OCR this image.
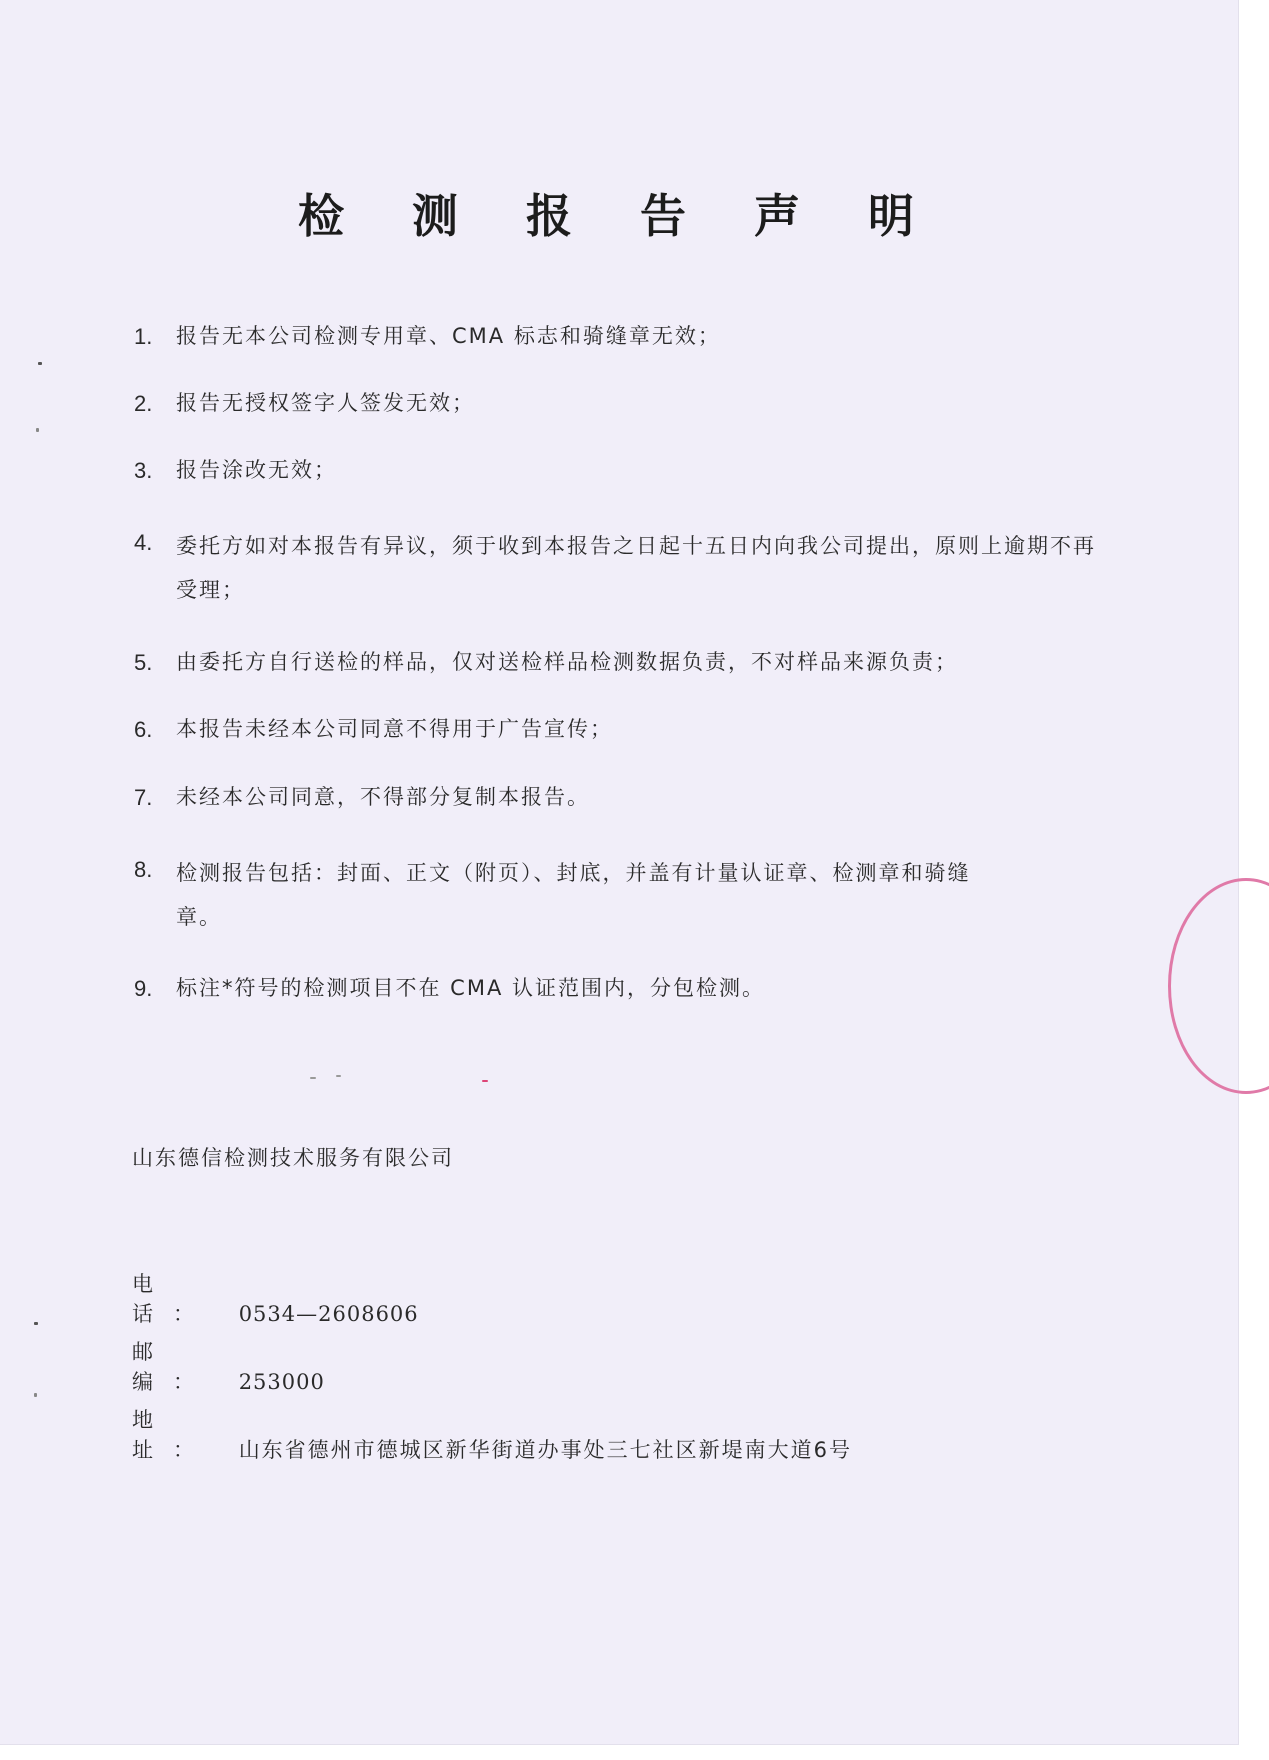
检 测 报 告 声 明
1.	报告无本公司检测专用章、CMA 标志和骑缝章无效；
2.	报告无授权签字人签发无效；
3.	报告涂改无效；
4.	委托方如对本报告有异议，须于收到本报告之日起十五日内向我公司提出，原则上逾期不再受理；
5.	由委托方自行送检的样品，仅对送检样品检测数据负责，不对样品来源负责；
6.	本报告未经本公司同意不得用于广告宣传；
7.	未经本公司同意，不得部分复制本报告。
8.	检测报告包括：封面、正文（附页）、封底，并盖有计量认证章、检测章和骑缝章。
9.	标注*符号的检测项目不在 CMA 认证范围内，分包检测。
山东德信检测技术服务有限公司
电 话： 0534—2608606
邮 编： 253000
地 址： 山东省德州市德城区新华街道办事处三七社区新堤南大道6号
